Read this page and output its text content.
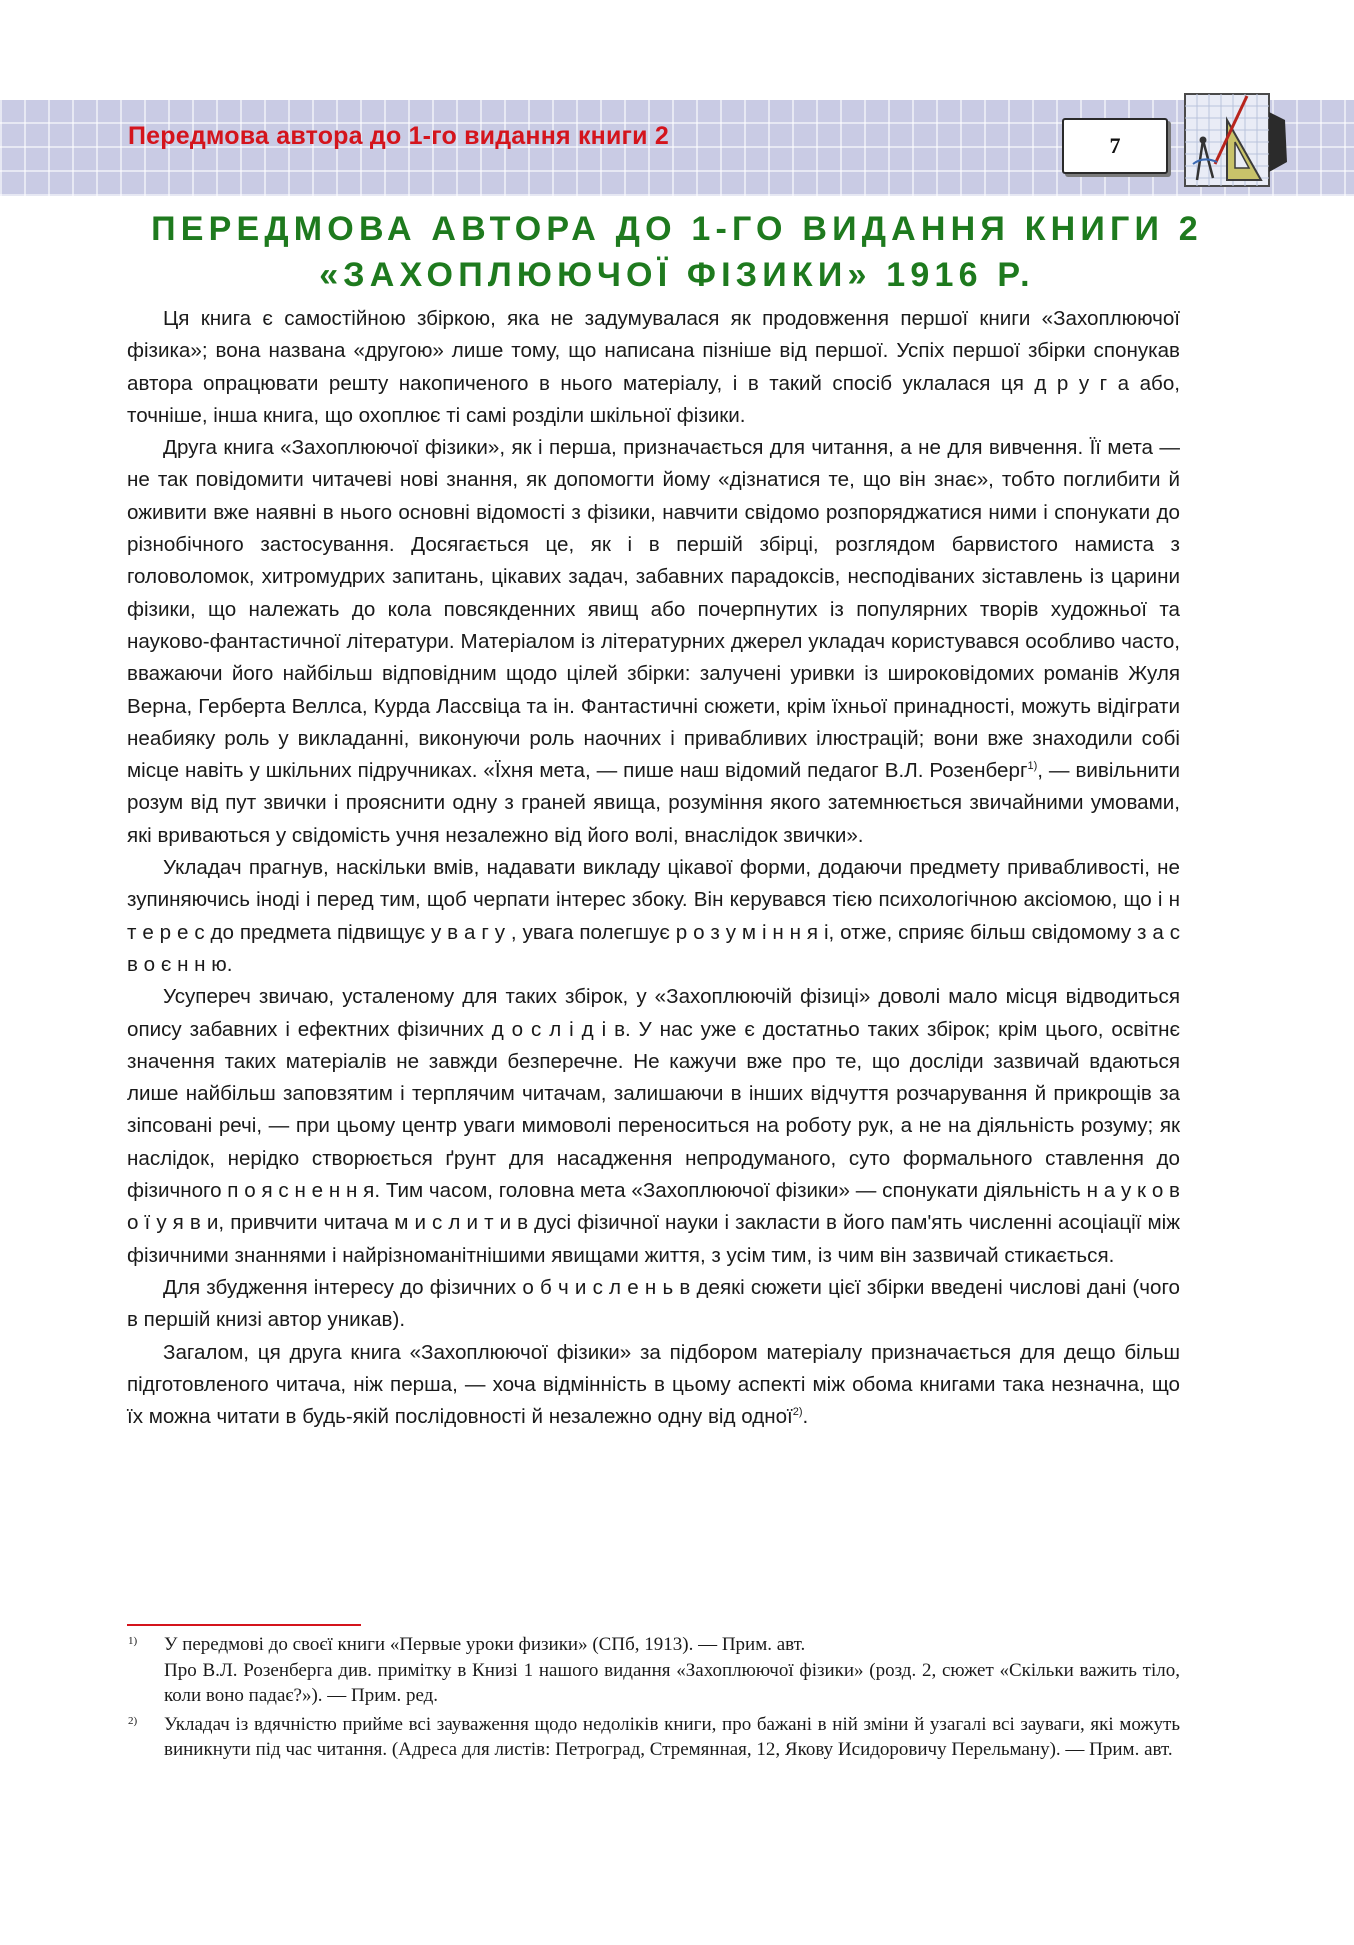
Передмова автора до 1-го видання книги 2	7
ПЕРЕДМОВА АВТОРА ДО 1-ГО ВИДАННЯ КНИГИ 2
«ЗАХОПЛЮЮЧОЇ ФІЗИКИ» 1916 Р.

Ця книга є самостійною збіркою, яка не задумувалася як продовження першої книги «Захоплюючої фізика»; вона названа «другою» лише тому, що написана пізніше від першої. Успіх першої збірки спонукав автора опрацювати решту накопиченого в нього матеріалу, і в такий спосіб уклалася ця д р у г а або, точніше, інша книга, що охоплює ті самі розділи шкільної фізики.

Друга книга «Захоплюючої фізики», як і перша, призначається для читання, а не для вивчення. Її мета — не так повідомити читачеві нові знання, як допомогти йому «дізнатися те, що він знає», тобто поглибити й оживити вже наявні в нього основні відомості з фізики, навчити свідомо розпоряджатися ними і спонукати до різнобічного застосування. Досягається це, як і в першій збірці, розглядом барвистого намиста з головоломок, хитромудрих запитань, цікавих задач, забавних парадоксів, несподіваних зіставлень із царини фізики, що належать до кола повсякденних явищ або почерпнутих із популярних творів художньої та науково-фантастичної літератури. Матеріалом із літературних джерел укладач користувався особливо часто, вважаючи його найбільш відповідним щодо цілей збірки: залучені уривки із широковідомих романів Жуля Верна, Герберта Веллса, Курда Лассвіца та ін. Фантастичні сюжети, крім їхньої принадності, можуть відіграти неабияку роль у викладанні, виконуючи роль наочних і привабливих ілюстрацій; вони вже знаходили собі місце навіть у шкільних підручниках. «Їхня мета, — пише наш відомий педагог В.Л. Розенберг$^{1)}$, — вивільнити розум від пут звички і прояснити одну з граней явища, розуміння якого затемнюється звичайними умовами, які вриваються у свідомість учня незалежно від його волі, внаслідок звички».

Укладач прагнув, наскільки вмів, надавати викладу цікавої форми, додаючи предмету привабливості, не зупиняючись іноді і перед тим, щоб черпати інтерес збоку. Він керувався тією психологічною аксіомою, що і н т е р е с до предмета підвищує у в а г у , увага полегшує р о з у м і н н я і, отже, сприяє більш свідомому з а с в о є н н ю.

Усупереч звичаю, усталеному для таких збірок, у «Захоплюючій фізиці» доволі мало місця відводиться опису забавних і ефектних фізичних д о с л і д і в. У нас уже є достатньо таких збірок; крім цього, освітнє значення таких матеріалів не завжди безперечне. Не кажучи вже про те, що досліди зазвичай вдаються лише найбільш заповзятим і терплячим читачам, залишаючи в інших відчуття розчарування й прикрощів за зіпсовані речі, — при цьому центр уваги мимоволі переноситься на роботу рук, а не на діяльність розуму; як наслідок, нерідко створюється ґрунт для насадження непродуманого, суто формального ставлення до фізичного п о я с н е н н я. Тим часом, головна мета «Захоплюючої фізики» — спонукати діяльність н а у к о в о ї у я в и, привчити читача м и с л и т и в дусі фізичної науки і закласти в його пам'ять численні асоціації між фізичними знаннями і найрізноманітнішими явищами життя, з усім тим, із чим він зазвичай стикається.

Для збудження інтересу до фізичних о б ч и с л е н ь в деякі сюжети цієї збірки введені числові дані (чого в першій книзі автор уникав).

Загалом, ця друга книга «Захоплюючої фізики» за підбором матеріалу призначається для дещо більш підготовленого читача, ніж перша, — хоча відмінність в цьому аспекті між обома книгами така незначна, що їх можна читати в будь-якій послідовності й незалежно одну від одної$^{2)}$.

1) У передмові до своєї книги «Первые уроки физики» (СПб, 1913). — Прим. авт.

Про В.Л. Розенберга див. примітку в Книзі 1 нашого видання «Захоплюючої фізики» (розд. 2, сюжет «Скільки важить тіло, коли воно падає?»). — Прим. ред.

2) Укладач із вдячністю прийме всі зауваження щодо недоліків книги, про бажані в ній зміни й узагалі всі зауваги, які можуть виникнути під час читання. (Адреса для листів: Петроград, Стремянная, 12, Якову Исидоровичу Перельману). — Прим. авт.
